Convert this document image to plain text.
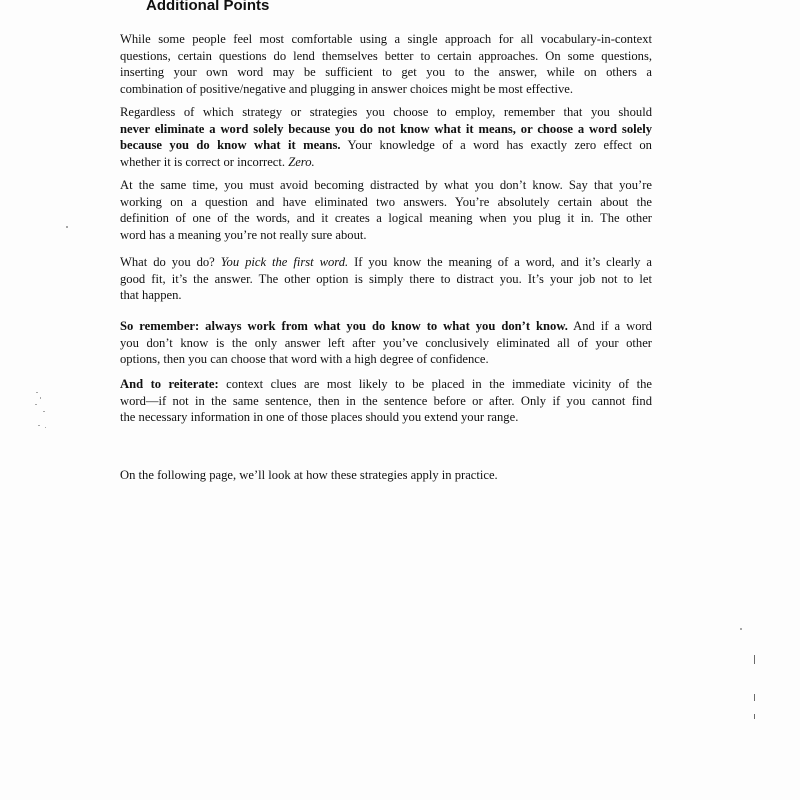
Additional Points

While some people feel most comfortable using a single approach for all vocabulary-in-context
questions, certain questions do lend themselves better to certain approaches. On some questions,
inserting your own word may be sufficient to get you to the answer, while on others a
combination of positive/negative and plugging in answer choices might be most effective.

Regardless of which strategy or strategies you choose to employ, remember that you should
never eliminate a word solely because you do not know what it means, or choose a word solely
because you do know what it means. Your knowledge of a word has exactly zero effect on
whether it is correct or incorrect. Zero.

At the same time, you must avoid becoming distracted by what you don’t know. Say that you’re
working on a question and have eliminated two answers. You’re absolutely certain about the
definition of one of the words, and it creates a logical meaning when you plug it in. The other
word has a meaning you’re not really sure about.

What do you do? You pick the first word. If you know the meaning of a word, and it’s clearly a
good fit, it’s the answer. The other option is simply there to distract you. It’s your job not to let
that happen.

So remember: always work from what you do know to what you don’t know. And if a word
you don’t know is the only answer left after you’ve conclusively eliminated all of your other
options, then you can choose that word with a high degree of confidence.

And to reiterate: context clues are most likely to be placed in the immediate vicinity of the
word—if not in the same sentence, then in the sentence before or after. Only if you cannot find
the necessary information in one of those places should you extend your range.

On the following page, we’ll look at how these strategies apply in practice.
